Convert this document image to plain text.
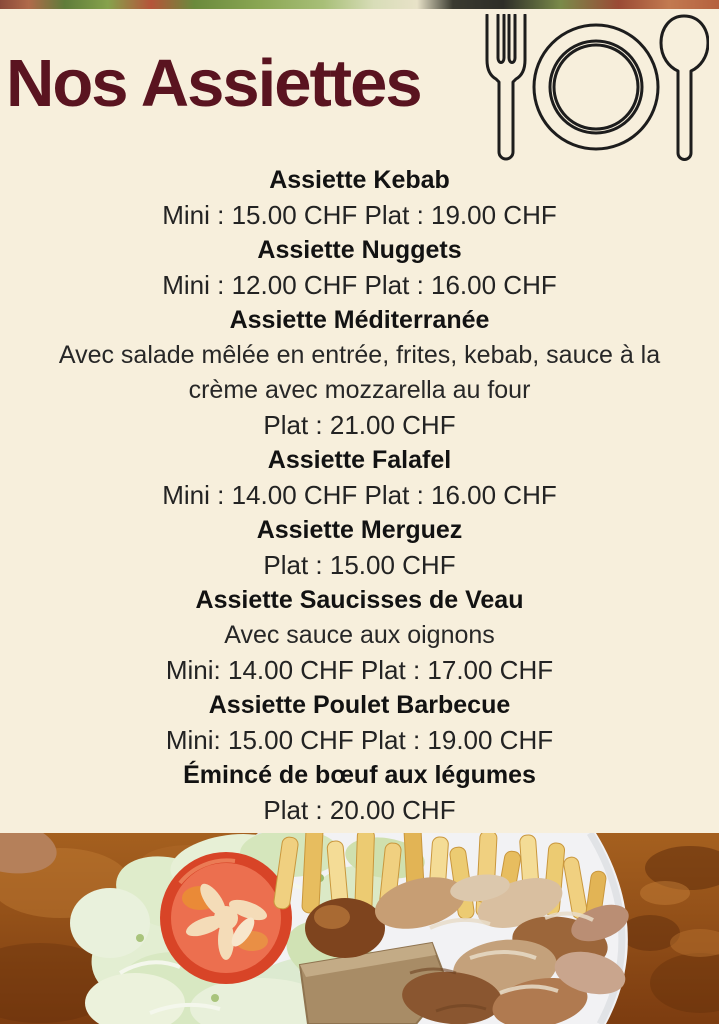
Nos Assiettes

Assiette Kebab

Mini : 15.00 CHF Plat : 19.00 CHF

Assiette Nuggets

Mini : 12.00 CHF Plat : 16.00 CHF

Assiette Méditerranée

Avec salade mêlée en entrée, frites, kebab, sauce à la

crème avec mozzarella au four

Plat : 21.00 CHF

Assiette Falafel

Mini : 14.00 CHF Plat : 16.00 CHF

Assiette Merguez

Plat : 15.00 CHF

Assiette Saucisses de Veau

Avec sauce aux oignons

Mini: 14.00 CHF Plat : 17.00 CHF

Assiette Poulet Barbecue

Mini: 15.00 CHF Plat : 19.00 CHF

Émincé de bœuf aux légumes

Plat : 20.00 CHF
